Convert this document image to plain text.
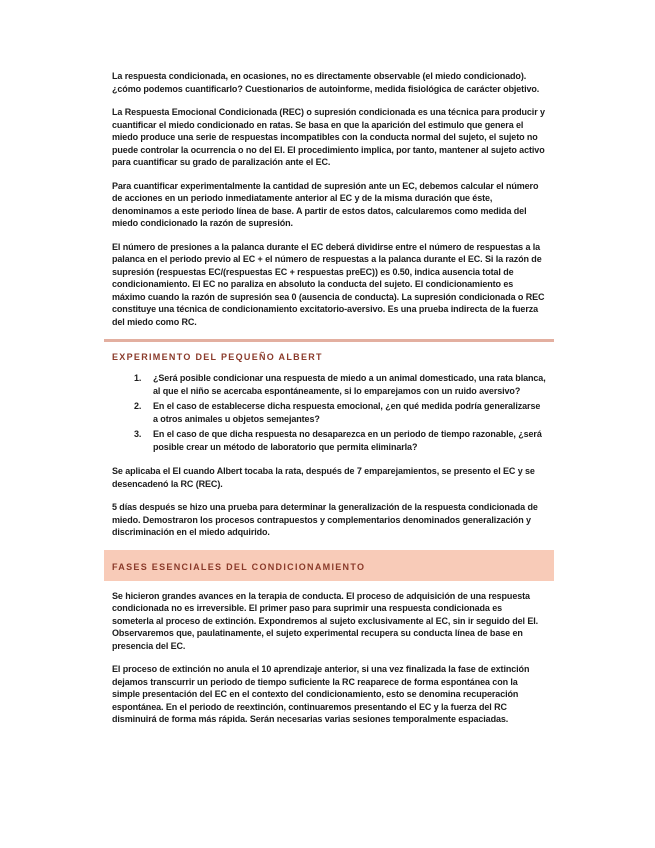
La respuesta condicionada, en ocasiones, no es directamente observable (el miedo condicionado). ¿cómo podemos cuantificarlo? Cuestionarios de autoinforme, medida fisiológica de carácter objetivo.

La Respuesta Emocional Condicionada (REC) o supresión condicionada es una técnica para producir y cuantificar el miedo condicionado en ratas. Se basa en que la aparición del estimulo que genera el miedo produce una serie de respuestas incompatibles con la conducta normal del sujeto, el sujeto no puede controlar la ocurrencia o no del EI. El procedimiento implica, por tanto, mantener al sujeto activo para cuantificar su grado de paralización ante el EC.

Para cuantificar experimentalmente la cantidad de supresión ante un EC, debemos calcular el número de acciones en un periodo inmediatamente anterior al EC y de la misma duración que éste, denominamos a este periodo línea de base. A partir de estos datos, calcularemos como medida del miedo condicionado la razón de supresión.

El número de presiones a la palanca durante el EC deberá dividirse entre el número de respuestas a la palanca en el periodo previo al EC + el número de respuestas a la palanca durante el EC. Si la razón de supresión (respuestas EC/(respuestas EC + respuestas preEC)) es 0.50, indica ausencia total de condicionamiento. El EC no paraliza en absoluto la conducta del sujeto. El condicionamiento es máximo cuando la razón de supresión sea 0 (ausencia de conducta). La supresión condicionada o REC constituye una técnica de condicionamiento excitatorio-aversivo. Es una prueba indirecta de la fuerza del miedo como RC.

EXPERIMENTO DEL PEQUEÑO ALBERT
1.	¿Será posible condicionar una respuesta de miedo a un animal domesticado, una rata blanca, al que el niño se acercaba espontáneamente, si lo emparejamos con un ruido aversivo?
2.	En el caso de establecerse dicha respuesta emocional, ¿en qué medida podría generalizarse a otros animales u objetos semejantes?
3.	En el caso de que dicha respuesta no desaparezca en un periodo de tiempo razonable, ¿será posible crear un método de laboratorio que permita eliminarla?

Se aplicaba el EI cuando Albert tocaba la rata, después de 7 emparejamientos, se presento el EC y se desencadenó la RC (REC).

5 días después se hizo una prueba para determinar la generalización de la respuesta condicionada de miedo. Demostraron los procesos contrapuestos y complementarios denominados generalización y discriminación en el miedo adquirido.

FASES ESENCIALES DEL CONDICIONAMIENTO

Se hicieron grandes avances en la terapia de conducta. El proceso de adquisición de una respuesta condicionada no es irreversible. El primer paso para suprimir una respuesta condicionada es someterla al proceso de extinción. Expondremos al sujeto exclusivamente al EC, sin ir seguido del EI. Observaremos que, paulatinamente, el sujeto experimental recupera su conducta línea de base en presencia del EC.

El proceso de extinción no anula el 10 aprendizaje anterior, si una vez finalizada la fase de extinción dejamos transcurrir un periodo de tiempo suficiente la RC reaparece de forma espontánea con la simple presentación del EC en el contexto del condicionamiento, esto se denomina recuperación espontánea. En el periodo de reextinción, continuaremos presentando el EC y la fuerza del RC disminuirá de forma más rápida. Serán necesarias varias sesiones temporalmente espaciadas.
